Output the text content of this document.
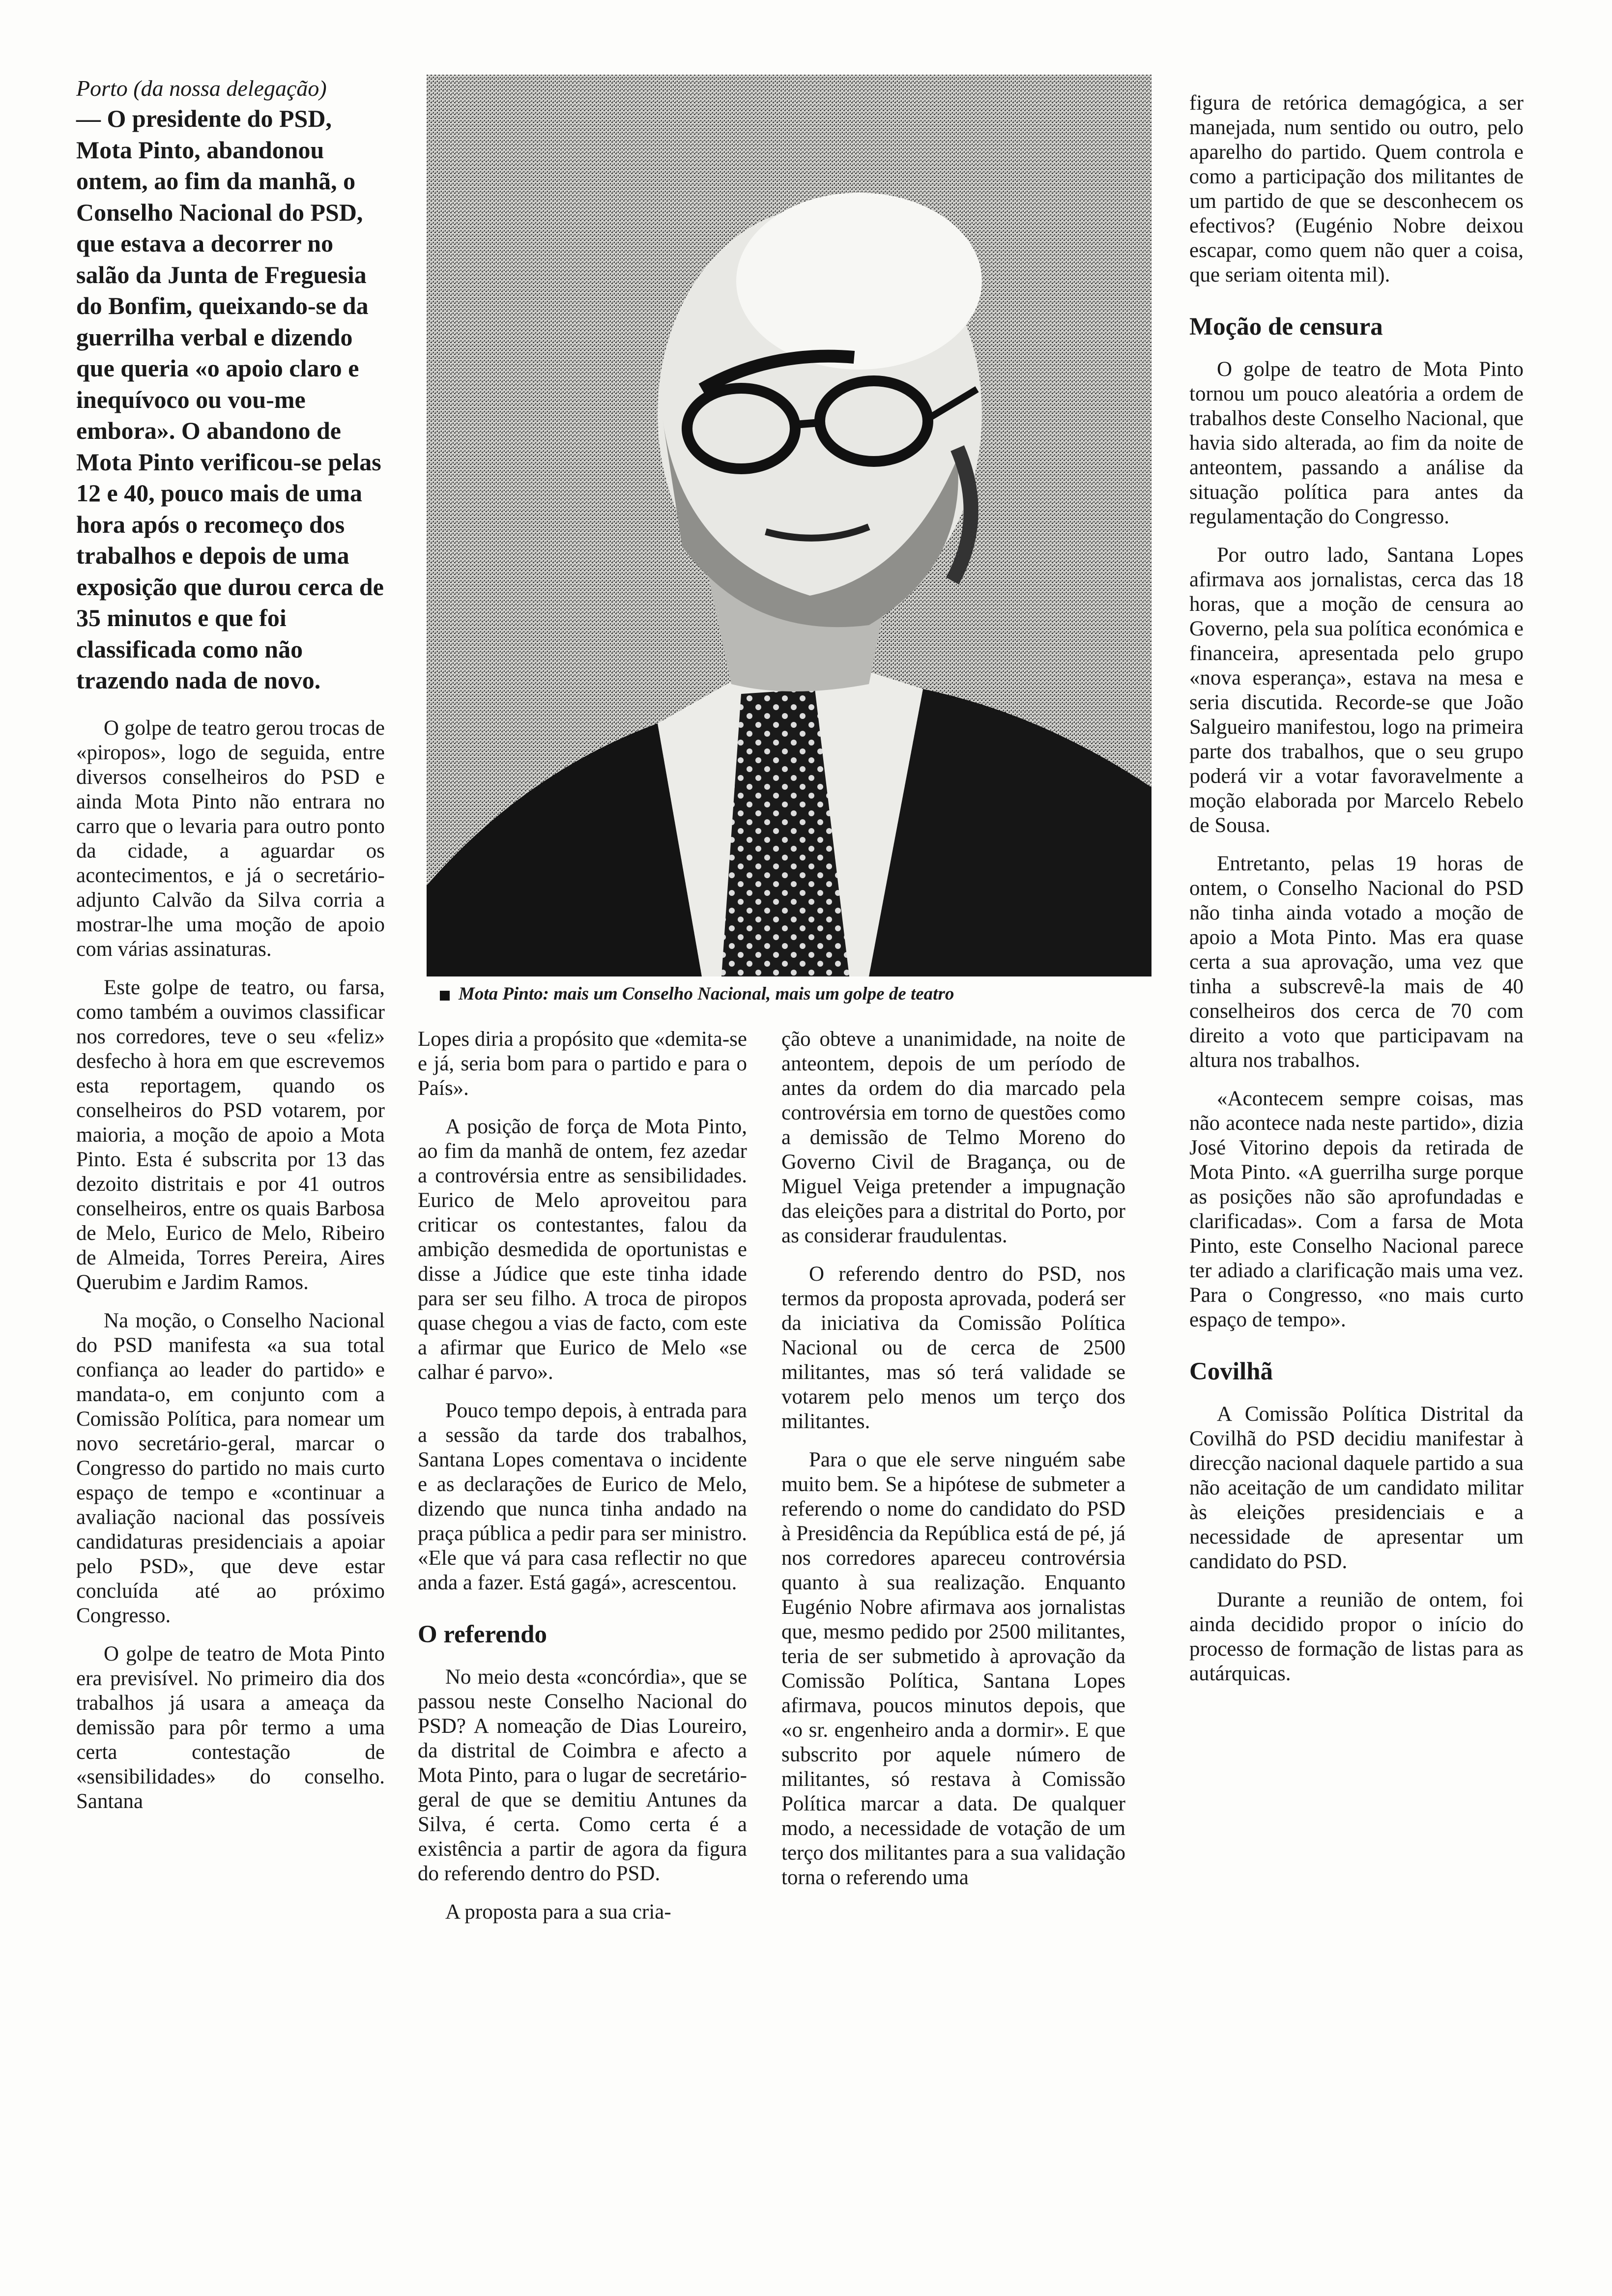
Porto (da nossa delegação)

— O presidente do PSD, Mota Pinto, abandonou ontem, ao fim da manhã, o Conselho Nacional do PSD, que estava a decorrer no salão da Junta de Freguesia do Bonfim, queixando-se da guerrilha verbal e dizendo que queria «o apoio claro e inequívoco ou vou-me embora». O abandono de Mota Pinto verificou-se pelas 12 e 40, pouco mais de uma hora após o recomeço dos trabalhos e depois de uma exposição que durou cerca de 35 minutos e que foi classificada como não trazendo nada de novo.

O golpe de teatro gerou trocas de «piropos», logo de seguida, entre diversos conselheiros do PSD e ainda Mota Pinto não entrara no carro que o levaria para outro ponto da cidade, a aguardar os acontecimentos, e já o secretário-adjunto Calvão da Silva corria a mostrar-lhe uma moção de apoio com várias assinaturas.

Este golpe de teatro, ou farsa, como também a ouvimos classificar nos corredores, teve o seu «feliz» desfecho à hora em que escrevemos esta reportagem, quando os conselheiros do PSD votarem, por maioria, a moção de apoio a Mota Pinto. Esta é subscrita por 13 das dezoito distritais e por 41 outros conselheiros, entre os quais Barbosa de Melo, Eurico de Melo, Ribeiro de Almeida, Torres Pereira, Aires Querubim e Jardim Ramos.

Na moção, o Conselho Nacional do PSD manifesta «a sua total confiança ao leader do partido» e mandata-o, em conjunto com a Comissão Política, para nomear um novo secretário-geral, marcar o Congresso do partido no mais curto espaço de tempo e «continuar a avaliação nacional das possíveis candidaturas presidenciais a apoiar pelo PSD», que deve estar concluída até ao próximo Congresso.

O golpe de teatro de Mota Pinto era previsível. No primeiro dia dos trabalhos já usara a ameaça da demissão para pôr termo a uma certa contestação de «sensibilidades» do conselho. Santana

Mota Pinto: mais um Conselho Nacional, mais um golpe de teatro

Lopes diria a propósito que «demita-se e já, seria bom para o partido e para o País».

A posição de força de Mota Pinto, ao fim da manhã de ontem, fez azedar a controvérsia entre as sensibilidades. Eurico de Melo aproveitou para criticar os contestantes, falou da ambição desmedida de oportunistas e disse a Júdice que este tinha idade para ser seu filho. A troca de piropos quase chegou a vias de facto, com este a afirmar que Eurico de Melo «se calhar é parvo».

Pouco tempo depois, à entrada para a sessão da tarde dos trabalhos, Santana Lopes comentava o incidente e as declarações de Eurico de Melo, dizendo que nunca tinha andado na praça pública a pedir para ser ministro. «Ele que vá para casa reflectir no que anda a fazer. Está gagá», acrescentou.

O referendo

No meio desta «concórdia», que se passou neste Conselho Nacional do PSD? A nomeação de Dias Loureiro, da distrital de Coimbra e afecto a Mota Pinto, para o lugar de secretário-geral de que se demitiu Antunes da Silva, é certa. Como certa é a existência a partir de agora da figura do referendo dentro do PSD.

A proposta para a sua cria-

ção obteve a unanimidade, na noite de anteontem, depois de um período de antes da ordem do dia marcado pela controvérsia em torno de questões como a demissão de Telmo Moreno do Governo Civil de Bragança, ou de Miguel Veiga pretender a impugnação das eleições para a distrital do Porto, por as considerar fraudulentas.

O referendo dentro do PSD, nos termos da proposta aprovada, poderá ser da iniciativa da Comissão Política Nacional ou de cerca de 2500 militantes, mas só terá validade se votarem pelo menos um terço dos militantes.

Para o que ele serve ninguém sabe muito bem. Se a hipótese de submeter a referendo o nome do candidato do PSD à Presidência da República está de pé, já nos corredores apareceu controvérsia quanto à sua realização. Enquanto Eugénio Nobre afirmava aos jornalistas que, mesmo pedido por 2500 militantes, teria de ser submetido à aprovação da Comissão Política, Santana Lopes afirmava, poucos minutos depois, que «o sr. engenheiro anda a dormir». E que subscrito por aquele número de militantes, só restava à Comissão Política marcar a data. De qualquer modo, a necessidade de votação de um terço dos militantes para a sua validação torna o referendo uma

figura de retórica demagógica, a ser manejada, num sentido ou outro, pelo aparelho do partido. Quem controla e como a participação dos militantes de um partido de que se desconhecem os efectivos? (Eugénio Nobre deixou escapar, como quem não quer a coisa, que seriam oitenta mil).

Moção de censura

O golpe de teatro de Mota Pinto tornou um pouco aleatória a ordem de trabalhos deste Conselho Nacional, que havia sido alterada, ao fim da noite de anteontem, passando a análise da situação política para antes da regulamentação do Congresso.

Por outro lado, Santana Lopes afirmava aos jornalistas, cerca das 18 horas, que a moção de censura ao Governo, pela sua política económica e financeira, apresentada pelo grupo «nova esperança», estava na mesa e seria discutida. Recorde-se que João Salgueiro manifestou, logo na primeira parte dos trabalhos, que o seu grupo poderá vir a votar favoravelmente a moção elaborada por Marcelo Rebelo de Sousa.

Entretanto, pelas 19 horas de ontem, o Conselho Nacional do PSD não tinha ainda votado a moção de apoio a Mota Pinto. Mas era quase certa a sua aprovação, uma vez que tinha a subscrevê-la mais de 40 conselheiros dos cerca de 70 com direito a voto que participavam na altura nos trabalhos.

«Acontecem sempre coisas, mas não acontece nada neste partido», dizia José Vitorino depois da retirada de Mota Pinto. «A guerrilha surge porque as posições não são aprofundadas e clarificadas». Com a farsa de Mota Pinto, este Conselho Nacional parece ter adiado a clarificação mais uma vez. Para o Congresso, «no mais curto espaço de tempo».

Covilhã

A Comissão Política Distrital da Covilhã do PSD decidiu manifestar à direcção nacional daquele partido a sua não aceitação de um candidato militar às eleições presidenciais e a necessidade de apresentar um candidato do PSD.

Durante a reunião de ontem, foi ainda decidido propor o início do processo de formação de listas para as autárquicas.
